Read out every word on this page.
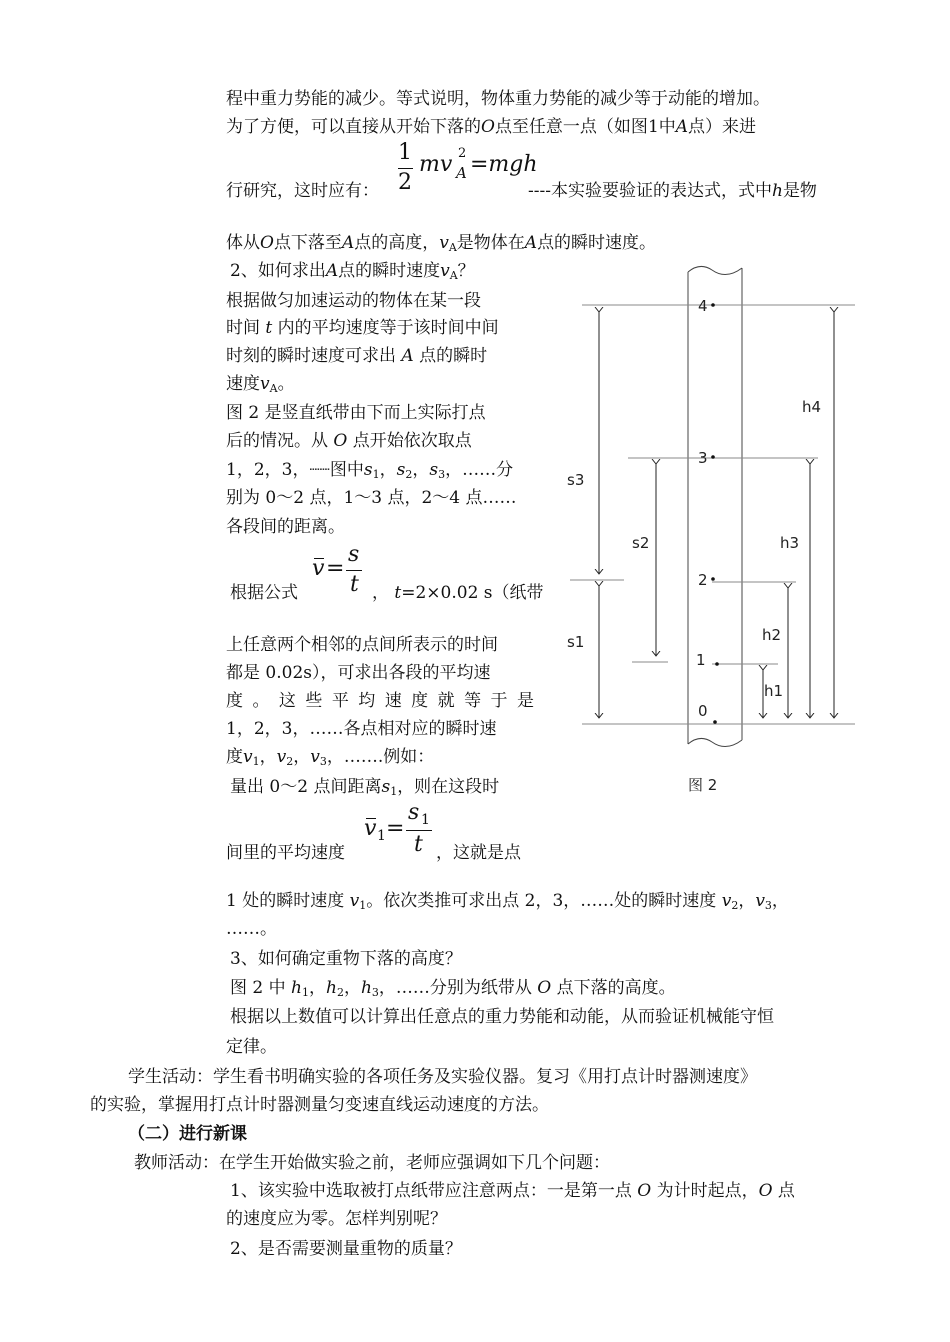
程中重力势能的减少。等式说明，物体重力势能的减少等于动能的增加。
为了方便，可以直接从开始下落的O点至任意一点（如图1中A点）来进
1
2
mv 2
A =mgh
行研究，这时应有：	----本实验要验证的表达式，式中h是物
体从O点下落至A点的高度，$v_A$是物体在A点的瞬时速度。
2、如何求出A点的瞬时速度$v_A$？
根据做匀加速运动的物体在某一段
时间 t 内的平均速度等于该时间中间
时刻的瞬时速度可求出 A 点的瞬时
速度$v_A$。
图 2 是竖直纸带由下而上实际打点
后的情况。从 O 点开始依次取点
1，2，3，┈┈图中$s_1$，$s_2$，$s_3$，……分
别为 0～2 点，1～3 点，2～4 点……
各段间的距离。
根据公式
v =
s
t ， t=2×0.02 s（纸带
上任意两个相邻的点间所表示的时间
都是 0.02s），可求出各段的平均速
度。这些平均速度就等于是
1，2，3，……各点相对应的瞬时速
度$v_1$，$v_2$，$v_3$，…….例如：
量出 0～2 点间距离$s_1$，则在这段时
间里的平均速度
v 1 =
s 1
t ，这就是点
1 处的瞬时速度 $v_1$。依次类推可求出点 2，3，……处的瞬时速度 $v_2$，$v_3$，
……。
3、如何确定重物下落的高度？
图 2 中 $h_1$，$h_2$，$h_3$，……分别为纸带从 O 点下落的高度。
根据以上数值可以计算出任意点的重力势能和动能，从而验证机械能守恒
定律。
学生活动：学生看书明确实验的各项任务及实验仪器。复习《用打点计时器测速度》
的实验，掌握用打点计时器测量匀变速直线运动速度的方法。
（二）进行新课
教师活动：在学生开始做实验之前，老师应强调如下几个问题：
1、该实验中选取被打点纸带应注意两点：一是第一点 O 为计时起点，O 点
的速度应为零。怎样判别呢？
2、是否需要测量重物的质量？
4
3
2
1
0
s3
s1
s2
h4
h3
h2
h1
图 2
